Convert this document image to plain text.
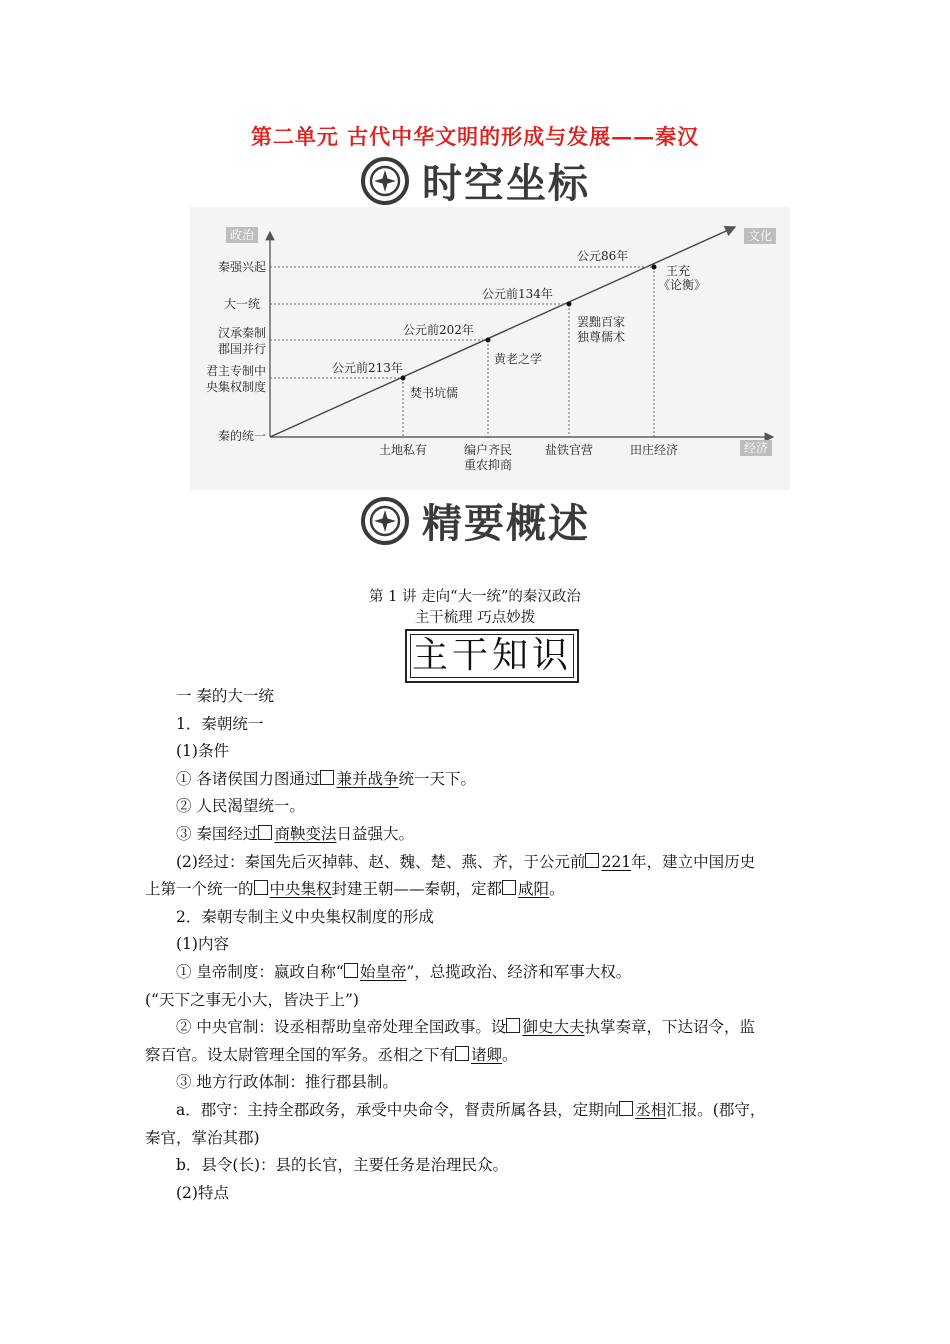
第二单元 古代中华文明的形成与发展——秦汉
时空坐标
政治	文化
经济
秦强兴起
大一统
汉承秦制
郡国并行
君主专制中
央集权制度
秦的统一
公元前213年
公元前202年
公元前134年
公元86年
焚书坑儒
黄老之学
罢黜百家
独尊儒术
王充
《论衡》
土地私有	编户齐民
重农抑商
盐铁官营	田庄经济
精要概述
第 1 讲 走向“大一统”的秦汉政治
主干梳理 巧点妙拨
主干知识

一 秦的大一统

1．秦朝统一

(1)条件

① 各诸侯国力图通过 兼并战争统一天下。

② 人民渴望统一。

③ 秦国经过 商鞅变法日益强大。

(2)经过：秦国先后灭掉韩、赵、魏、楚、燕、齐，于公元前 221年，建立中国历史

上第一个统一的 中央集权封建王朝——秦朝，定都 咸阳。

2．秦朝专制主义中央集权制度的形成

(1)内容

① 皇帝制度：嬴政自称“ 始皇帝”，总揽政治、经济和军事大权。

(“天下之事无小大，皆决于上”)

② 中央官制：设丞相帮助皇帝处理全国政事。设 御史大夫执掌奏章，下达诏令，监

察百官。设太尉管理全国的军务。丞相之下有 诸卿。

③ 地方行政体制：推行郡县制。

a．郡守：主持全郡政务，承受中央命令，督责所属各县，定期向 丞相汇报。(郡守，

秦官，掌治其郡)

b．县令(长)：县的长官，主要任务是治理民众。

(2)特点
